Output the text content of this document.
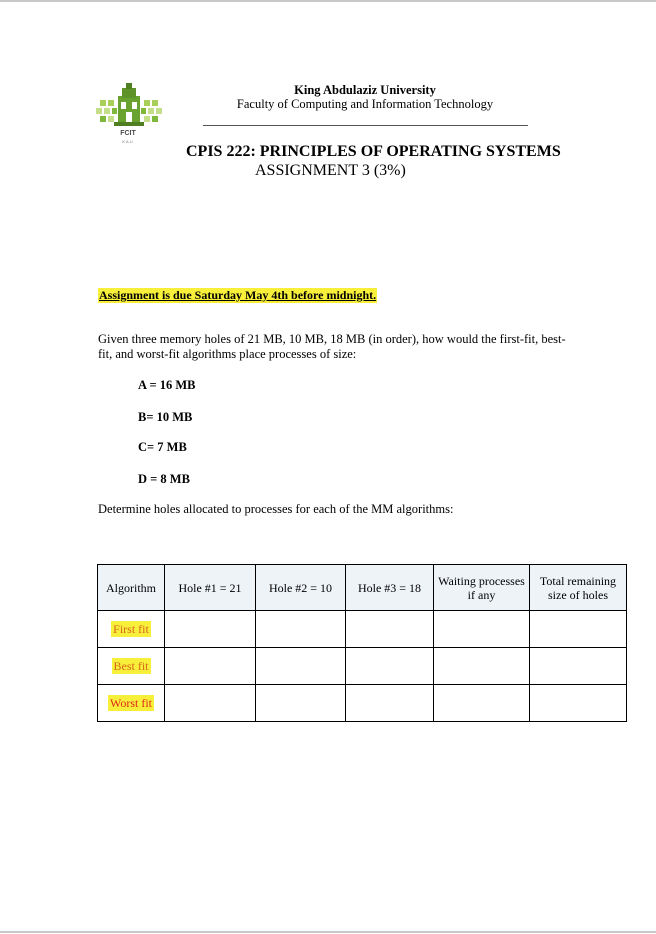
FCIT
KAU
King Abdulaziz University
Faculty of Computing and Information Technology
CPIS 222: PRINCIPLES OF OPERATING SYSTEMS
ASSIGNMENT 3 (3%)
Assignment is due Saturday May 4th before midnight.
Given three memory holes of 21 MB, 10 MB, 18 MB (in order), how would the first-fit, best-fit, and worst-fit algorithms place processes of size:
A = 16 MB
B= 10 MB
C= 7 MB
D = 8 MB
Determine holes allocated to processes for each of the MM algorithms:
Algorithm	Hole #1 = 21	Hole #2 = 10	Hole #3 = 18	Waiting processes if any	Total remaining size of holes
First fit					
Best fit					
Worst fit					
